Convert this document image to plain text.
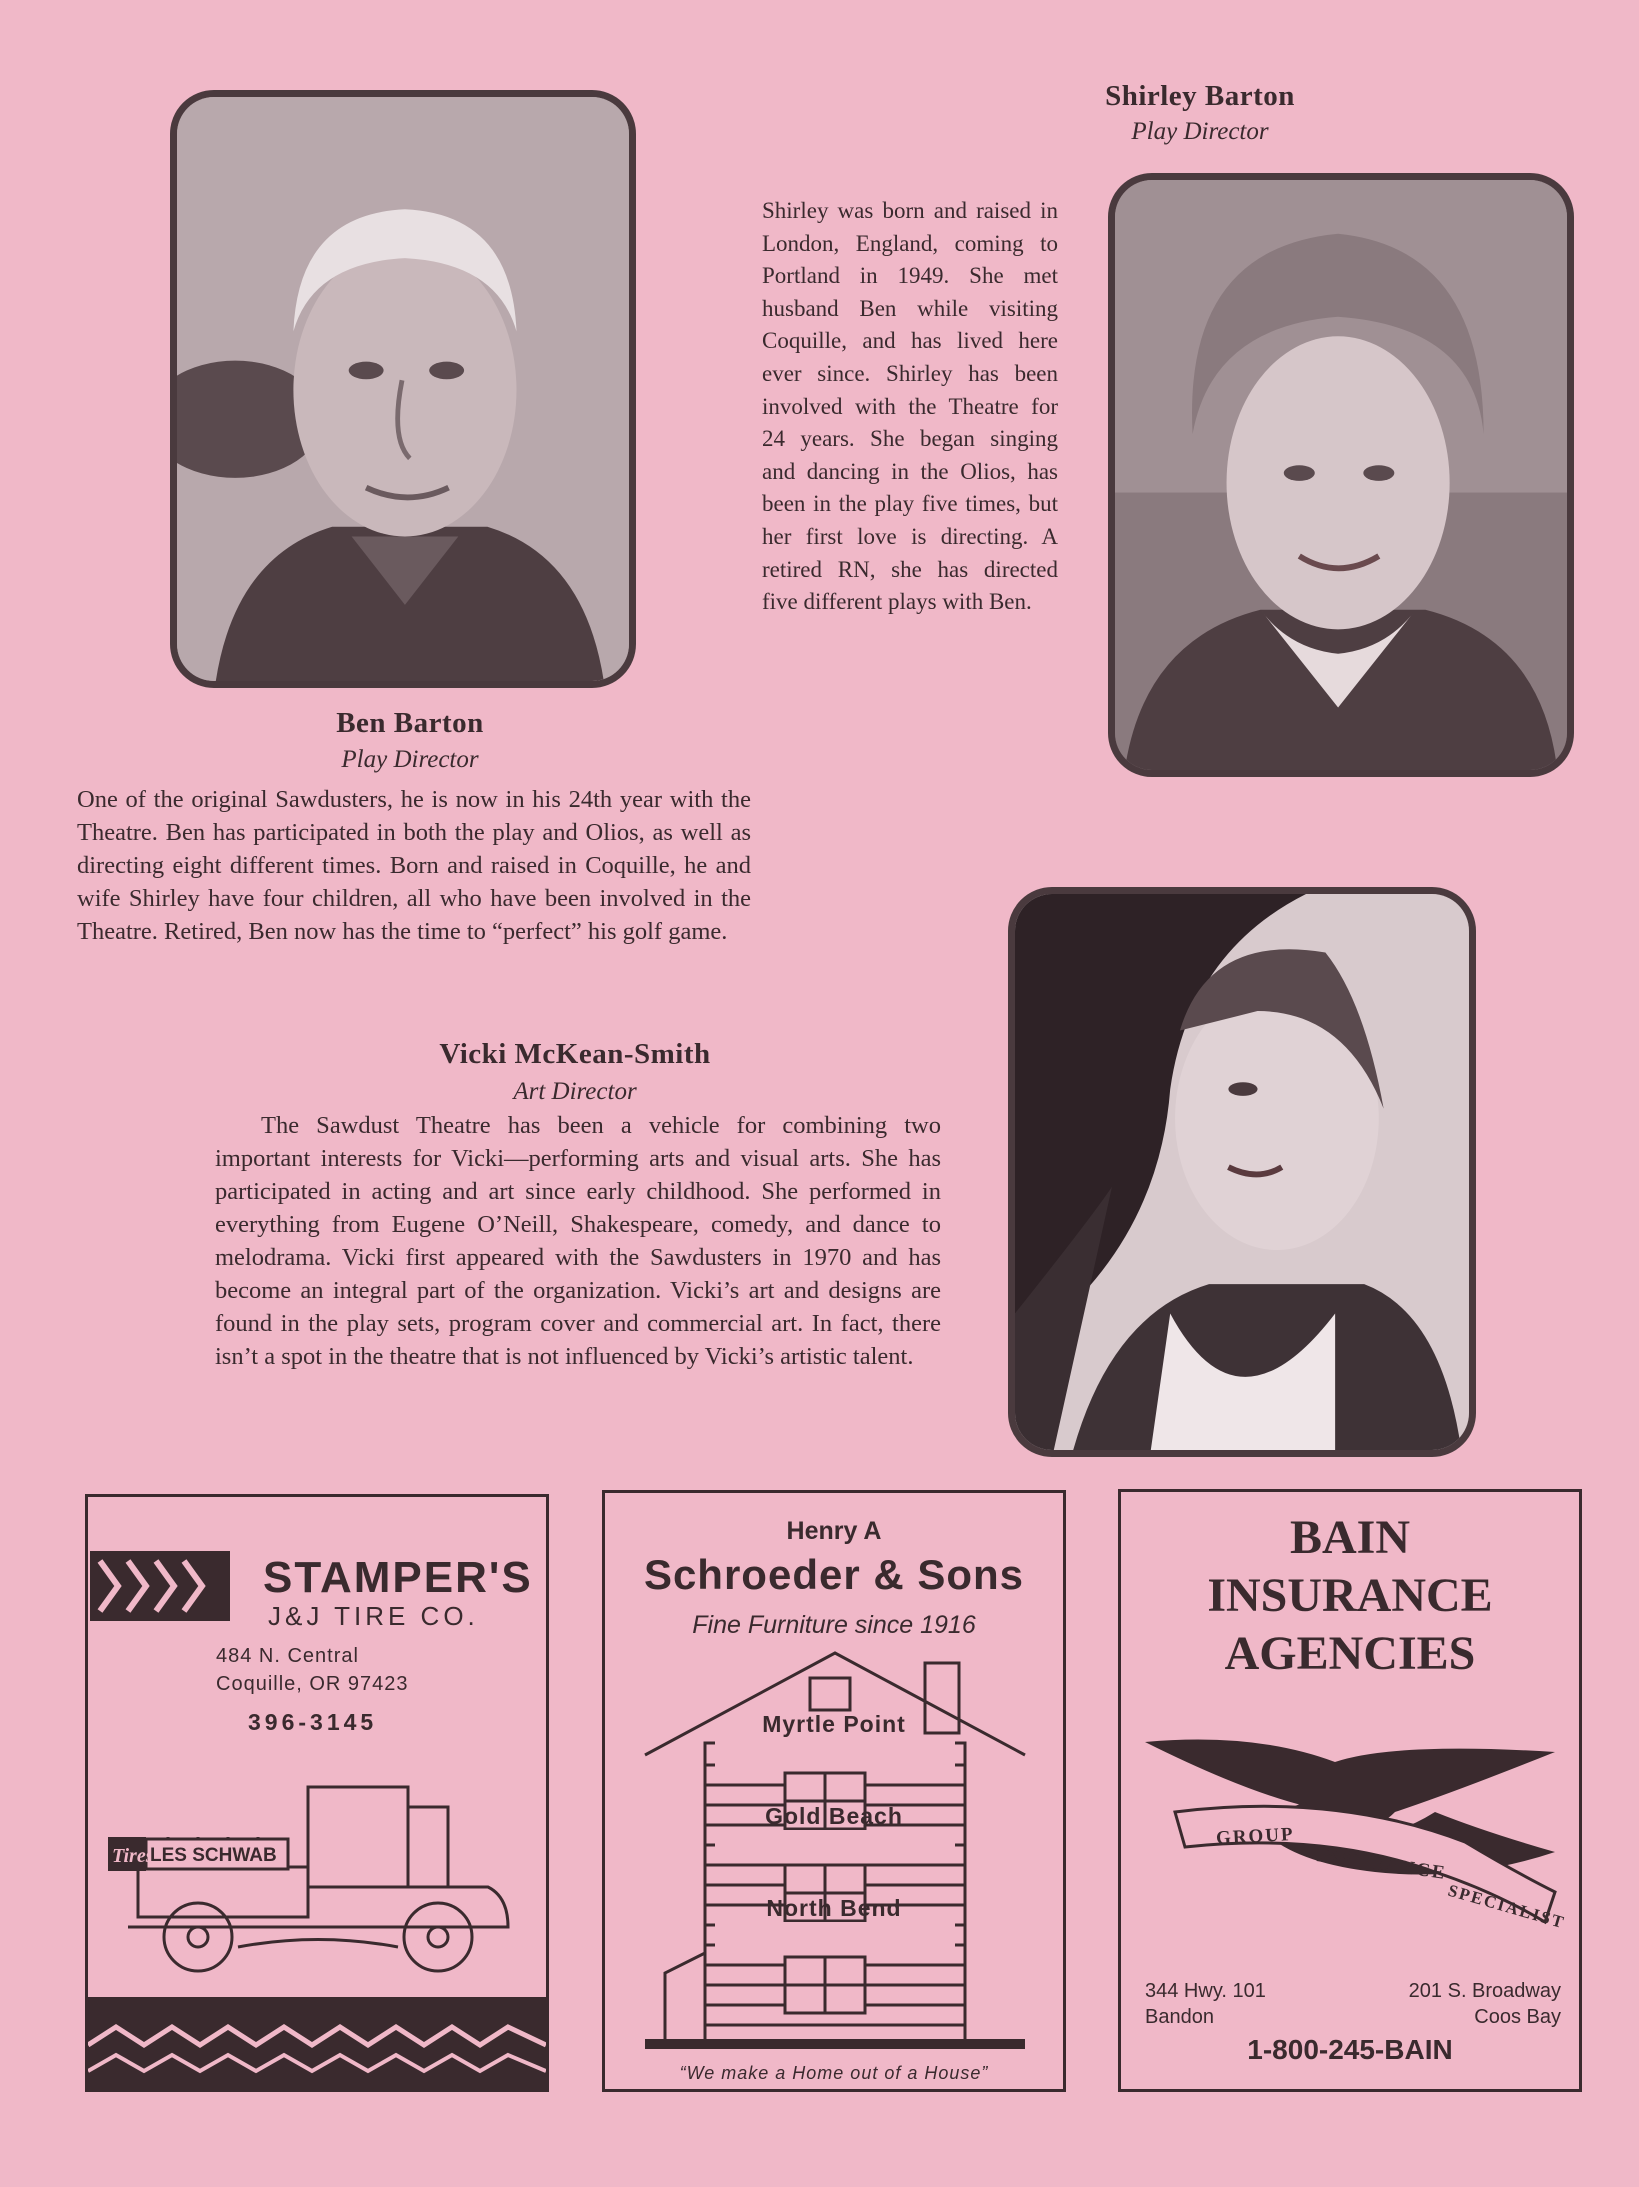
Ben Barton
Play Director
One of the original Sawdusters, he is now in his 24th year with the Theatre. Ben has participated in both the play and Olios, as well as directing eight different times. Born and raised in Coquille, he and wife Shirley have four children, all who have been involved in the Theatre. Retired, Ben now has the time to “perfect” his golf game.
Shirley Barton
Play Director
Shirley was born and raised in London, England, coming to Portland in 1949. She met husband Ben while visiting Coquille, and has lived here ever since. Shirley has been involved with the Theatre for 24 years. She began singing and dancing in the Olios, has been in the play five times, but her first love is directing. A retired RN, she has directed five different plays with Ben.
Vicki McKean-Smith
Art Director
The Sawdust Theatre has been a vehicle for combining two important interests for Vicki—performing arts and visual arts. She has participated in acting and art since early childhood. She performed in everything from Eugene O’Neill, Shakespeare, comedy, and dance to melodrama. Vicki first appeared with the Sawdusters in 1970 and has become an integral part of the organization. Vicki’s art and designs are found in the play sets, program cover and commercial art. In fact, there isn’t a spot in the theatre that is not influenced by Vicki’s artistic talent.
STAMPER'S
J&J TIRE CO.
484 N. Central
Coquille, OR 97423
396-3145
Tires
LES SCHWAB
Henry A
Schroeder & Sons
Fine Furniture since 1916
Myrtle Point
Gold Beach
North Bend
“We make a Home out of a House”
BAIN
INSURANCE
AGENCIES
GROUP
INSURANCE
SPECIALIST
344 Hwy. 101
Bandon
201 S. Broadway
Coos Bay
1-800-245-BAIN
